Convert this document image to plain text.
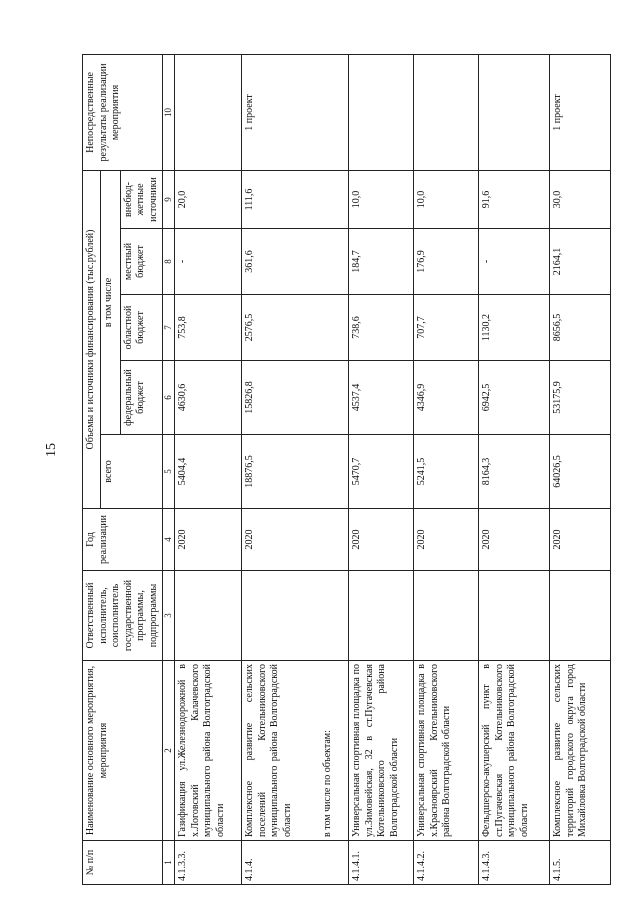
15
№ п/п	Наименование основного мероприятия, мероприятия	Ответственный исполнитель, соисполнитель государственной программы, подпрограммы	Год реализации	Объемы и источники финансирования (тыс.рублей)					Непосредственные результаты реализации мероприятия
				всего	в том числе				
					федеральный бюджет	областной бюджет	местный бюджет	внебюд-жетные источники	
1	2	3	4	5	6	7	8	9	10
4.1.3.3.	Газификация ул.Железнодорожной в х.Логовский Калачевского муниципального района Волгоградской области		2020	5404,4	4630,6	753,8	-	20,0	
4.1.4.	Комплексное развитие сельских поселений Котельниковского муниципального района Волгоградской области в том числе по объектам:		2020	18876,5	15826,8	2576,5	361,6	111,6	1 проект
4.1.4.1.	Универсальная спортивная площадка по ул.Зимовейская, 32 в ст.Пугачевская Котельниковского района Волгоградской области		2020	5470,7	4537,4	738,6	184,7	10,0	
4.1.4.2.	Универсальная спортивная площадка в х.Красноярский Котельниковского района Волгоградской области		2020	5241,5	4346,9	707,7	176,9	10,0	
4.1.4.3.	Фельдшерско-акушерский пункт в ст.Пугачевская Котельниковского муниципального района Волгоградской области		2020	8164,3	6942,5	1130,2	-	91,6	
4.1.5.	Комплексное развитие сельских территорий городского округа город Михайловка Волгоградской области		2020	64026,5	53175,9	8656,5	2164,1	30,0	1 проект
